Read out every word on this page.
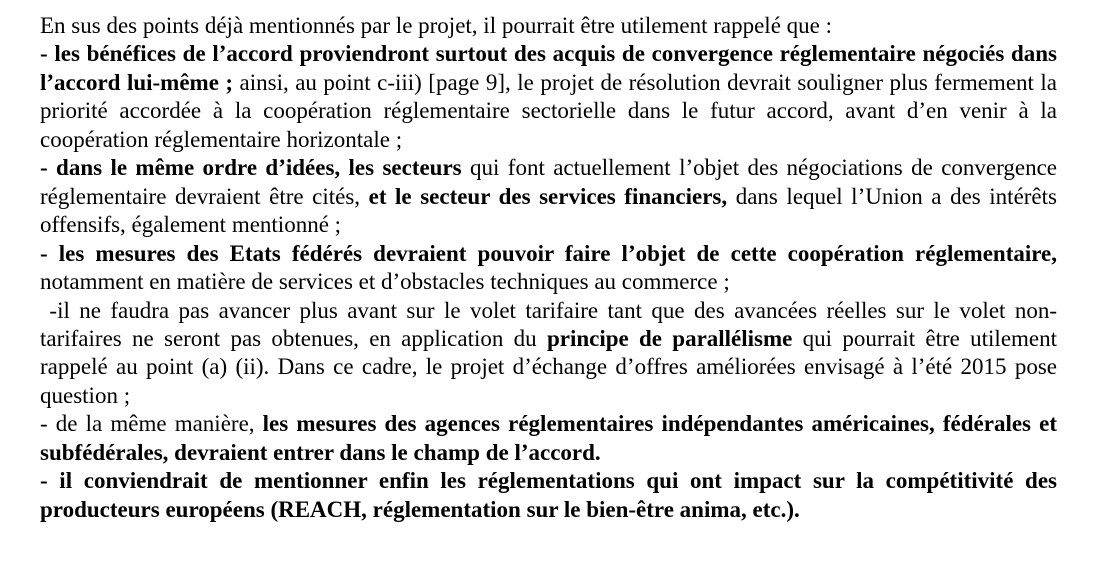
En sus des points déjà mentionnés par le projet, il pourrait être utilement rappelé que :

- les bénéfices de l’accord proviendront surtout des acquis de convergence réglementaire négociés dans l’accord lui-même ; ainsi, au point c-iii) [page 9], le projet de résolution devrait souligner plus fermement la priorité accordée à la coopération réglementaire sectorielle dans le futur accord, avant d’en venir à la coopération réglementaire horizontale ;

- dans le même ordre d’idées, les secteurs qui font actuellement l’objet des négociations de convergence réglementaire devraient être cités, et le secteur des services financiers, dans lequel l’Union a des intérêts offensifs, également mentionné ;

- les mesures des Etats fédérés devraient pouvoir faire l’objet de cette coopération réglementaire, notamment en matière de services et d’obstacles techniques au commerce ;

-il ne faudra pas avancer plus avant sur le volet tarifaire tant que des avancées réelles sur le volet non-tarifaires ne seront pas obtenues, en application du principe de parallélisme qui pourrait être utilement rappelé au point (a) (ii). Dans ce cadre, le projet d’échange d’offres améliorées envisagé à l’été 2015 pose question ;

- de la même manière, les mesures des agences réglementaires indépendantes américaines, fédérales et subfédérales, devraient entrer dans le champ de l’accord.

- il conviendrait de mentionner enfin les réglementations qui ont impact sur la compétitivité des producteurs européens (REACH, réglementation sur le bien-être anima, etc.).
